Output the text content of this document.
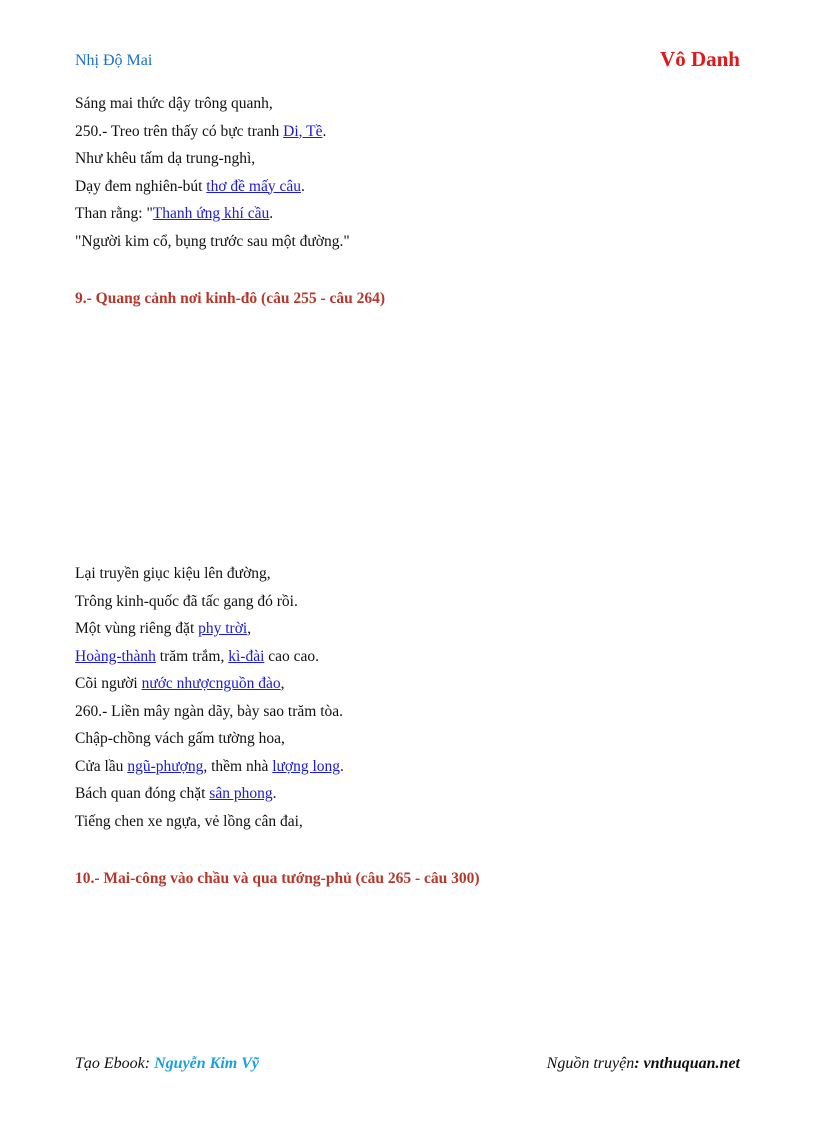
Nhị Độ Mai	Vô Danh
Sáng mai thức dậy trông quanh,
250.- Treo trên thấy có bực tranh Di, Tề.
Như khêu tấm dạ trung-nghì,
Dạy đem nghiên-bút thơ đề mấy câu.
Than rằng: "Thanh ứng khí cầu.
"Người kim cổ, bụng trước sau một đường."
9.- Quang cảnh nơi kinh-đô (câu 255 - câu 264)
Lại truyền giục kiệu lên đường,
Trông kinh-quốc đã tấc gang đó rồi.
Một vùng riêng đặt phy trời,
Hoàng-thành trăm trắm, kì-đài cao cao.
Cõi người nước nhượcnguồn đào,
260.- Liền mây ngàn dãy, bày sao trăm tòa.
Chập-chồng vách gấm tường hoa,
Cửa lầu ngũ-phượng, thềm nhà lượng long.
Bách quan đóng chặt sân phong.
Tiếng chen xe ngựa, vẻ lồng cân đai,
10.- Mai-công vào chầu và qua tướng-phủ (câu 265 - câu 300)
Tạo Ebook: Nguyễn Kim Vỹ	Nguồn truyện: vnthuquan.net
